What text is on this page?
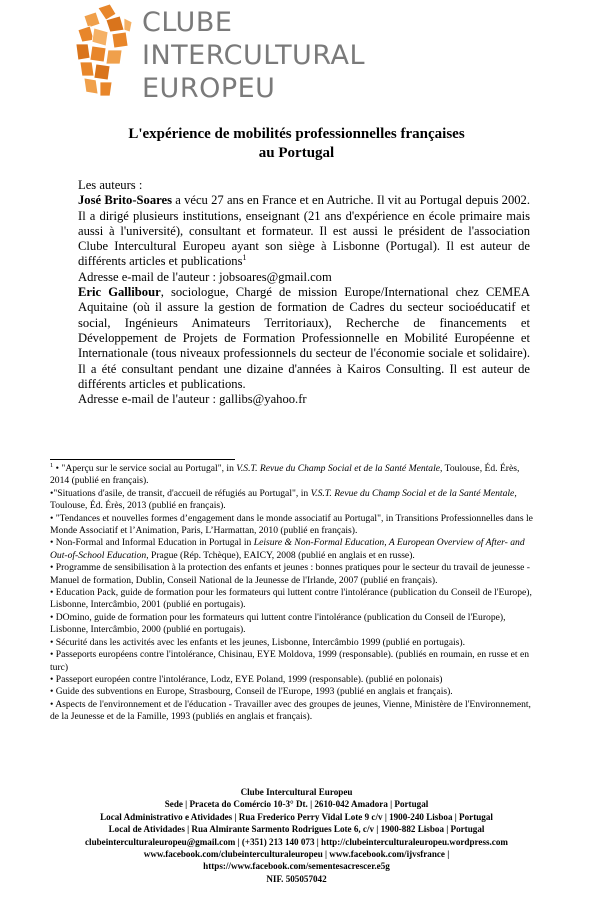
CLUBE
INTERCULTURAL
EUROPEU
L'expérience de mobilités professionnelles françaises
au Portugal

Les auteurs :

José Brito-Soares a vécu 27 ans en France et en Autriche. Il vit au Portugal depuis 2002. Il a dirigé plusieurs institutions, enseignant (21 ans d'expérience en école primaire mais aussi à l'université), consultant et formateur. Il est aussi le président de l'association Clube Intercultural Europeu ayant son siège à Lisbonne (Portugal). Il est auteur de différents articles et publications$^1$

Adresse e-mail de l'auteur : jobsoares@gmail.com

Eric Gallibour, sociologue, Chargé de mission Europe/International chez CEMEA Aquitaine (où il assure la gestion de formation de Cadres du secteur socioéducatif et social, Ingénieurs Animateurs Territoriaux), Recherche de financements et Développement de Projets de Formation Professionnelle en Mobilité Européenne et Internationale (tous niveaux professionnels du secteur de l'économie sociale et solidaire). Il a été consultant pendant une dizaine d'années à Kairos Consulting. Il est auteur de différents articles et publications.

Adresse e-mail de l'auteur : gallibs@yahoo.fr

$^1$ • "Aperçu sur le service social au Portugal", in V.S.T. Revue du Champ Social et de la Santé Mentale, Toulouse, Éd. Érès, 2014 (publié en français).

•"Situations d'asile, de transit, d'accueil de réfugiés au Portugal", in V.S.T. Revue du Champ Social et de la Santé Mentale, Toulouse, Éd. Érès, 2013 (publié en français).

• "Tendances et nouvelles formes d’engagement dans le monde associatif au Portugal", in Transitions Professionnelles dans le Monde Associatif et l’Animation, Paris, L’Harmattan, 2010 (publié en français).

• Non-Formal and Informal Education in Portugal in Leisure & Non-Formal Education, A European Overview of After- and Out-of-School Education, Prague (Rép. Tchèque), EAICY, 2008 (publié en anglais et en russe).

• Programme de sensibilisation à la protection des enfants et jeunes : bonnes pratiques pour le secteur du travail de jeunesse - Manuel de formation, Dublin, Conseil National de la Jeunesse de l'Irlande, 2007 (publié en français).

• Education Pack, guide de formation pour les formateurs qui luttent contre l'intolérance (publication du Conseil de l'Europe), Lisbonne, Intercâmbio, 2001 (publié en portugais).

• DOmino, guide de formation pour les formateurs qui luttent contre l'intolérance (publication du Conseil de l'Europe), Lisbonne, Intercâmbio, 2000 (publié en portugais).

• Sécurité dans les activités avec les enfants et les jeunes, Lisbonne, Intercâmbio 1999 (publié en portugais).

• Passeports européens contre l'intolérance, Chisinau, EYE Moldova, 1999 (responsable). (publiés en roumain, en russe et en turc)

• Passeport européen contre l'intolérance, Lodz, EYE Poland, 1999 (responsable). (publié en polonais)

• Guide des subventions en Europe, Strasbourg, Conseil de l'Europe, 1993 (publié en anglais et français).

• Aspects de l'environnement et de l'éducation - Travailler avec des groupes de jeunes, Vienne, Ministère de l'Environnement, de la Jeunesse et de la Famille, 1993 (publiés en anglais et français).

Clube Intercultural Europeu

Sede | Praceta do Comércio 10-3° Dt. | 2610-042 Amadora | Portugal

Local Administrativo e Atividades | Rua Frederico Perry Vidal Lote 9 c/v | 1900-240 Lisboa | Portugal

Local de Atividades | Rua Almirante Sarmento Rodrigues Lote 6, c/v | 1900-882 Lisboa | Portugal

clubeinterculturaleuropeu@gmail.com | (+351) 213 140 073 | http://clubeinterculturaleuropeu.wordpress.com

www.facebook.com/clubeinterculturaleuropeu | www.facebook.com/ijvsfrance |

https://www.facebook.com/sementesacrescer.e5g

NIF. 505057042
